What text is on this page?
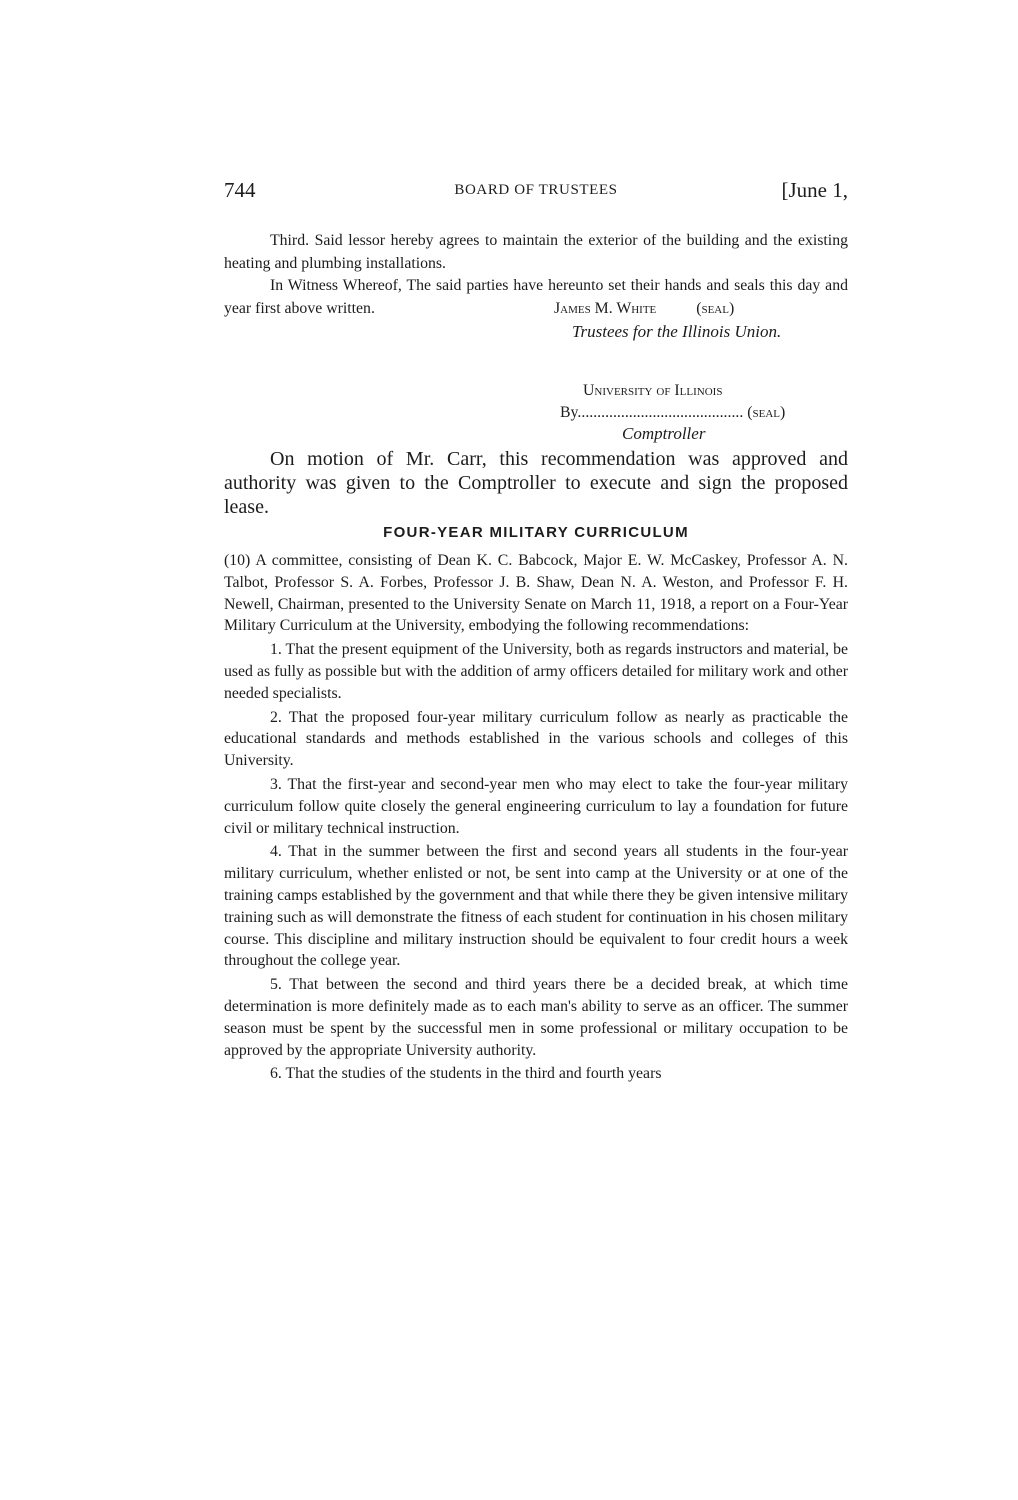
744	BOARD OF TRUSTEES	[June 1,

Third. Said lessor hereby agrees to maintain the exterior of the building and the existing heating and plumbing installations.

In Witness Whereof, The said parties have hereunto set their hands and seals this day and year first above written.	James M. White	(seal)
Trustees for the Illinois Union.
University of Illinois
By.......................................... (seal)
Comptroller

On motion of Mr. Carr, this recommendation was approved and authority was given to the Comptroller to execute and sign the proposed lease.

FOUR-YEAR MILITARY CURRICULUM

(10) A committee, consisting of Dean K. C. Babcock, Major E. W. McCaskey, Professor A. N. Talbot, Professor S. A. Forbes, Professor J. B. Shaw, Dean N. A. Weston, and Professor F. H. Newell, Chairman, presented to the University Senate on March 11, 1918, a report on a Four-Year Military Curriculum at the University, embodying the following recommendations:

1. That the present equipment of the University, both as regards instructors and material, be used as fully as possible but with the addition of army officers detailed for military work and other needed specialists.

2. That the proposed four-year military curriculum follow as nearly as practicable the educational standards and methods established in the various schools and colleges of this University.

3. That the first-year and second-year men who may elect to take the four-year military curriculum follow quite closely the general engineering curriculum to lay a foundation for future civil or military technical instruction.

4. That in the summer between the first and second years all students in the four-year military curriculum, whether enlisted or not, be sent into camp at the University or at one of the training camps established by the government and that while there they be given intensive military training such as will demonstrate the fitness of each student for continuation in his chosen military course. This discipline and military instruction should be equivalent to four credit hours a week throughout the college year.

5. That between the second and third years there be a decided break, at which time determination is more definitely made as to each man's ability to serve as an officer. The summer season must be spent by the successful men in some professional or military occupation to be approved by the appropriate University authority.

6. That the studies of the students in the third and fourth years
